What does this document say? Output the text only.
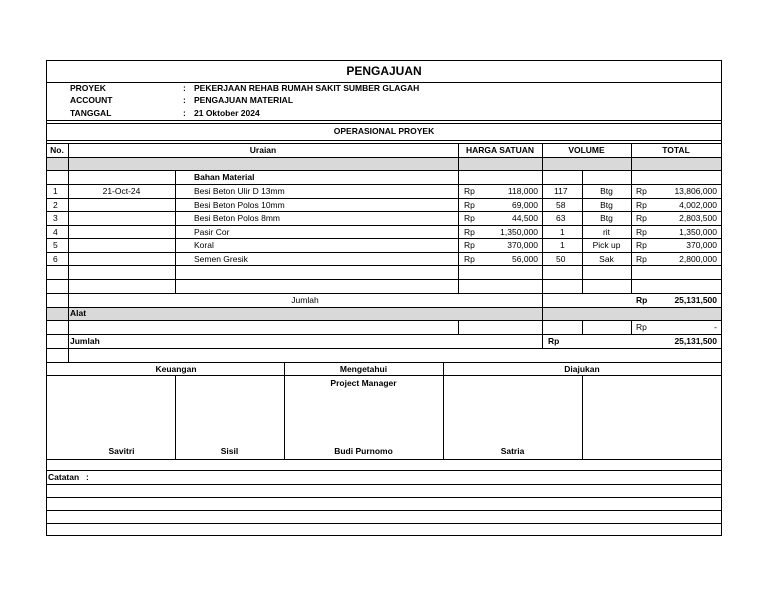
PENGAJUAN
PROYEK	: PEKERJAAN REHAB RUMAH SAKIT SUMBER GLAGAH
ACCOUNT	: PENGAJUAN MATERIAL
TANGGAL	: 21 Oktober 2024
OPERASIONAL PROYEK
No.	Uraian	HARGA SATUAN	VOLUME	TOTAL
Bahan Material
1	21-Oct-24	Besi Beton Ulir D 13mm	Rp	118,000 117	Btg	Rp	13,806,000
2	Besi Beton Polos 10mm	Rp	69,000 58	Btg	Rp	4,002,000
3	Besi Beton Polos 8mm	Rp	44,500 63	Btg	Rp	2,803,500
4	Pasir Cor	Rp	1,350,000	1	rit	Rp	1,350,000
5	Koral	Rp	370,000	1	Pick up	Rp	370,000
6	Semen Gresik	Rp	56,000 50	Sak	Rp	2,800,000
Jumlah	Rp	25,131,500
Alat
Rp	-
Jumlah	Rp	25,131,500
Keuangan	Mengetahui	Diajukan
Project Manager
Savitri	Sisil	Budi Purnomo	Satria
Catatan :
